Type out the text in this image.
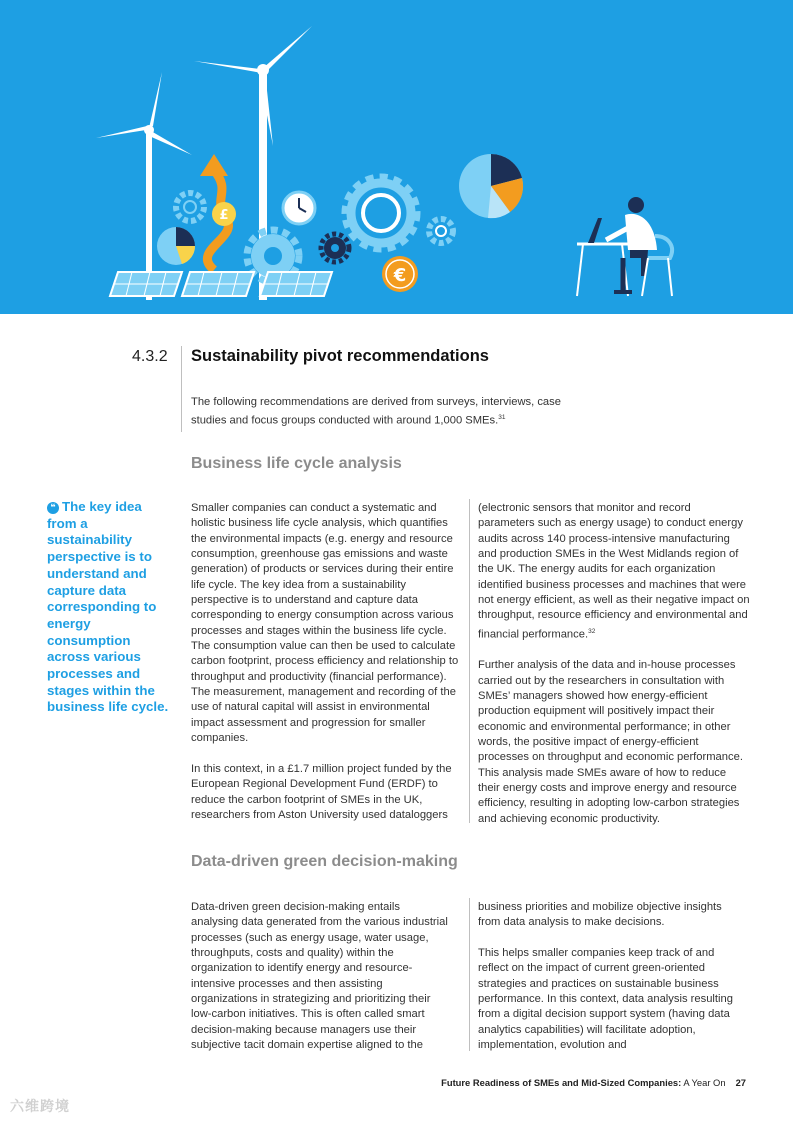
£
€
4.3.2 Sustainability pivot recommendations
The following recommendations are derived from surveys, interviews, case studies and focus groups conducted with around 1,000 SMEs.$^{31}$
Business life cycle analysis
❝ The key idea from a sustainability perspective is to understand and capture data corresponding to energy consumption across various processes and stages within the business life cycle.

Smaller companies can conduct a systematic and holistic business life cycle analysis, which quantifies the environmental impacts (e.g. energy and resource consumption, greenhouse gas emissions and waste generation) of products or services during their entire life cycle. The key idea from a sustainability perspective is to understand and capture data corresponding to energy consumption across various processes and stages within the business life cycle. The consumption value can then be used to calculate carbon footprint, process efficiency and relationship to throughput and productivity (financial performance). The measurement, management and recording of the use of natural capital will assist in environmental impact assessment and progression for smaller companies.

In this context, in a £1.7 million project funded by the European Regional Development Fund (ERDF) to reduce the carbon footprint of SMEs in the UK, researchers from Aston University used dataloggers

(electronic sensors that monitor and record parameters such as energy usage) to conduct energy audits across 140 process-intensive manufacturing and production SMEs in the West Midlands region of the UK. The energy audits for each organization identified business processes and machines that were not energy efficient, as well as their negative impact on throughput, resource efficiency and environmental and financial performance.$^{32}$

Further analysis of the data and in-house processes carried out by the researchers in consultation with SMEs’ managers showed how energy-efficient production equipment will positively impact their economic and environmental performance; in other words, the positive impact of energy-efficient processes on throughput and economic performance. This analysis made SMEs aware of how to reduce their energy costs and improve energy and resource efficiency, resulting in adopting low-carbon strategies and achieving economic productivity.

Data-driven green decision-making

Data-driven green decision-making entails analysing data generated from the various industrial processes (such as energy usage, water usage, throughputs, costs and quality) within the organization to identify energy and resource-intensive processes and then assisting organizations in strategizing and prioritizing their low-carbon initiatives. This is often called smart decision-making because managers use their subjective tacit domain expertise aligned to the

business priorities and mobilize objective insights from data analysis to make decisions.

This helps smaller companies keep track of and reflect on the impact of current green-oriented strategies and practices on sustainable business performance. In this context, data analysis resulting from a digital decision support system (having data analytics capabilities) will facilitate adoption, implementation, evolution and

Future Readiness of SMEs and Mid-Sized Companies: A Year On 27
六维跨境
